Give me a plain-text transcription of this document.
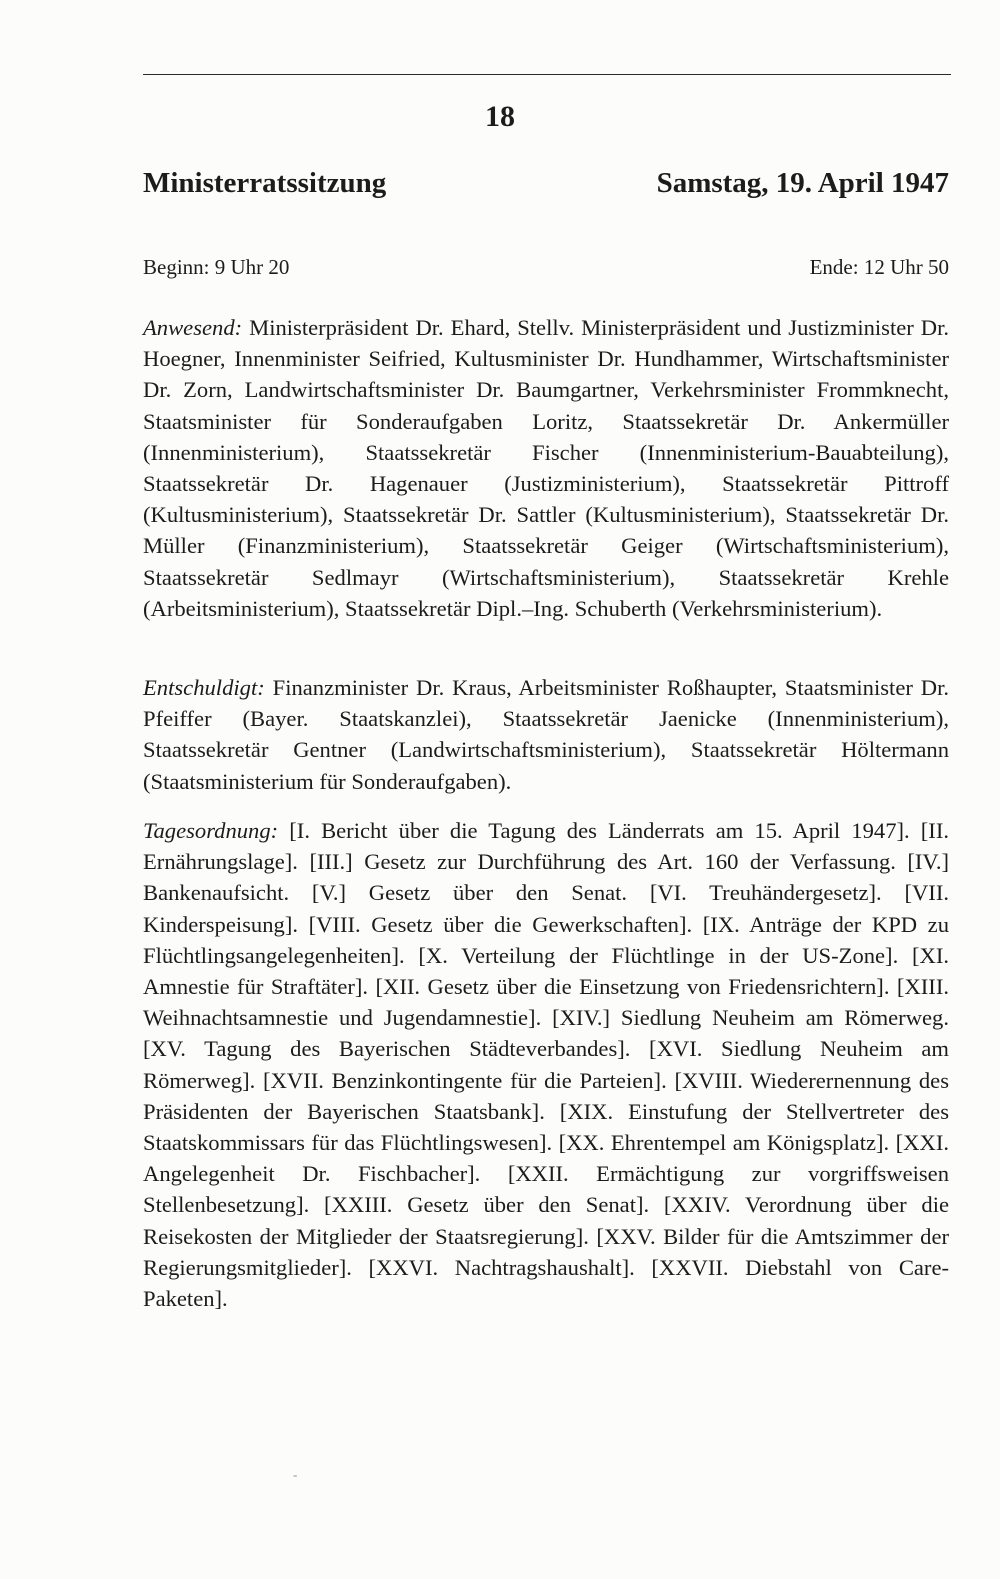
18
Ministerratssitzung	Samstag, 19. April 1947
Beginn: 9 Uhr 20	Ende: 12 Uhr 50
Anwesend: Ministerpräsident Dr. Ehard, Stellv. Ministerpräsident und Justizminister Dr. Hoegner, Innenminister Seifried, Kultusminister Dr. Hundhammer, Wirtschaftsminister Dr. Zorn, Landwirtschaftsminister Dr. Baumgartner, Verkehrsminister Frommknecht, Staatsminister für Sonderaufgaben Loritz, Staatssekretär Dr. Ankermüller (Innenministerium), Staatssekretär Fischer (Innenministerium-Bauabteilung), Staatssekretär Dr. Hagenauer (Justizministerium), Staatssekretär Pittroff (Kultusministerium), Staatssekretär Dr. Sattler (Kultusministerium), Staatssekretär Dr. Müller (Finanzministerium), Staatssekretär Geiger (Wirtschaftsministerium), Staatssekretär Sedlmayr (Wirtschaftsministerium), Staatssekretär Krehle (Arbeitsministerium), Staatssekretär Dipl.–Ing. Schuberth (Verkehrsministerium).
Entschuldigt: Finanzminister Dr. Kraus, Arbeitsminister Roßhaupter, Staatsminister Dr. Pfeiffer (Bayer. Staatskanzlei), Staatssekretär Jaenicke (Innenministerium), Staatssekretär Gentner (Landwirtschaftsministerium), Staatssekretär Höltermann (Staatsministerium für Sonderaufgaben).
Tagesordnung: [I. Bericht über die Tagung des Länderrats am 15. April 1947]. [II. Ernährungslage]. [III.] Gesetz zur Durchführung des Art. 160 der Verfassung. [IV.] Bankenaufsicht. [V.] Gesetz über den Senat. [VI. Treuhändergesetz]. [VII. Kinderspeisung]. [VIII. Gesetz über die Gewerkschaften]. [IX. Anträge der KPD zu Flüchtlingsangelegenheiten]. [X. Verteilung der Flüchtlinge in der US-Zone]. [XI. Amnestie für Straftäter]. [XII. Gesetz über die Einsetzung von Friedensrichtern]. [XIII. Weihnachtsamnestie und Jugendamnestie]. [XIV.] Siedlung Neuheim am Römerweg. [XV. Tagung des Bayerischen Städteverbandes]. [XVI. Siedlung Neuheim am Römerweg]. [XVII. Benzinkontingente für die Parteien]. [XVIII. Wiederernennung des Präsidenten der Bayerischen Staatsbank]. [XIX. Einstufung der Stellvertreter des Staatskommissars für das Flüchtlingswesen]. [XX. Ehrentempel am Königsplatz]. [XXI. Angelegenheit Dr. Fischbacher]. [XXII. Ermächtigung zur vorgriffsweisen Stellenbesetzung]. [XXIII. Gesetz über den Senat]. [XXIV. Verordnung über die Reisekosten der Mitglieder der Staatsregierung]. [XXV. Bilder für die Amtszimmer der Regierungsmitglieder]. [XXVI. Nachtragshaushalt]. [XXVII. Diebstahl von Care-Paketen].
-
